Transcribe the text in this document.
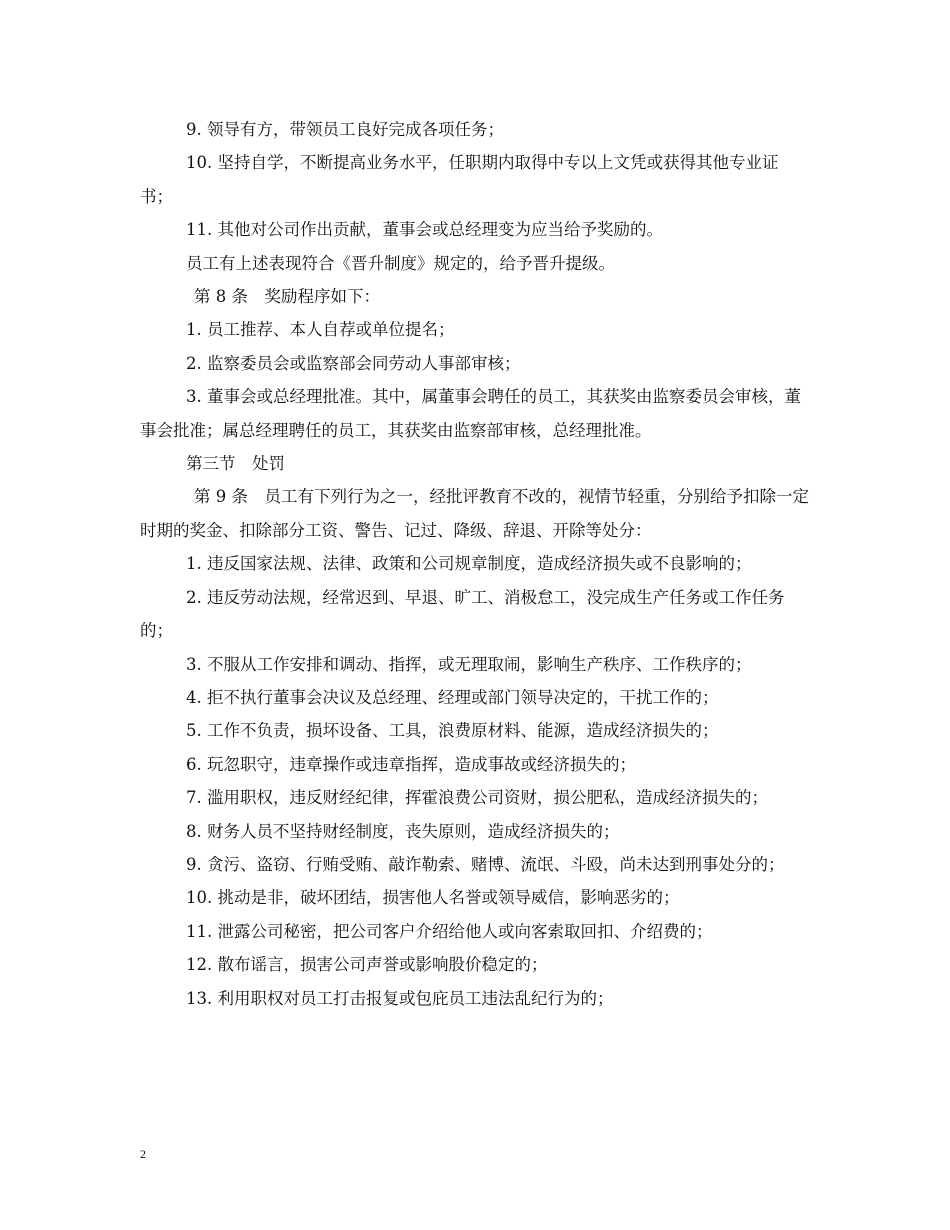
9. 领导有方，带领员工良好完成各项任务；

10. 坚持自学，不断提高业务水平，任职期内取得中专以上文凭或获得其他专业证书；

11. 其他对公司作出贡献，董事会或总经理变为应当给予奖励的。

员工有上述表现符合《晋升制度》规定的，给予晋升提级。

第 8 条　奖励程序如下：

1. 员工推荐、本人自荐或单位提名；

2. 监察委员会或监察部会同劳动人事部审核；

3. 董事会或总经理批准。其中，属董事会聘任的员工，其获奖由监察委员会审核，董事会批准；属总经理聘任的员工，其获奖由监察部审核，总经理批准。

第三节　处罚

第 9 条　员工有下列行为之一，经批评教育不改的，视情节轻重，分别给予扣除一定时期的奖金、扣除部分工资、警告、记过、降级、辞退、开除等处分：

1. 违反国家法规、法律、政策和公司规章制度，造成经济损失或不良影响的；

2. 违反劳动法规，经常迟到、早退、旷工、消极怠工，没完成生产任务或工作任务的；

3. 不服从工作安排和调动、指挥，或无理取闹，影响生产秩序、工作秩序的；

4. 拒不执行董事会决议及总经理、经理或部门领导决定的，干扰工作的；

5. 工作不负责，损坏设备、工具，浪费原材料、能源，造成经济损失的；

6. 玩忽职守，违章操作或违章指挥，造成事故或经济损失的；

7. 滥用职权，违反财经纪律，挥霍浪费公司资财，损公肥私，造成经济损失的；

8. 财务人员不坚持财经制度，丧失原则，造成经济损失的；

9. 贪污、盗窃、行贿受贿、敲诈勒索、赌博、流氓、斗殴，尚未达到刑事处分的；

10. 挑动是非，破坏团结，损害他人名誉或领导威信，影响恶劣的；

11. 泄露公司秘密，把公司客户介绍给他人或向客索取回扣、介绍费的；

12. 散布谣言，损害公司声誉或影响股价稳定的；

13. 利用职权对员工打击报复或包庇员工违法乱纪行为的；

2
